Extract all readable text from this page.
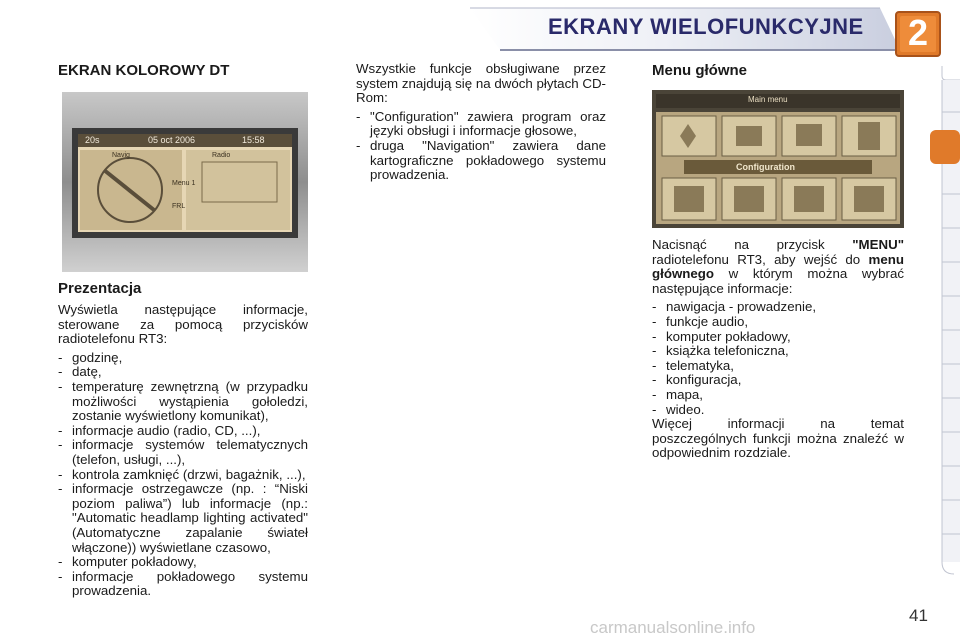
EKRANY WIELOFUNKCYJNE 2
EKRAN KOLOROWY DT
20s	05 oct 2006	15:58
Navig	Radio
Menu 1
FRL
Prezentacja

Wyświetla następujące informacje, sterowane za pomocą przycisków radiotelefonu RT3:

- godzinę,
- datę,
- temperaturę zewnętrzną (w przypadku możliwości wystąpienia gołoledzi, zostanie wyświetlony komunikat),
- informacje audio (radio, CD, ...),
- informacje systemów telematycznych (telefon, usługi, ...),
- kontrola zamknięć (drzwi, bagażnik, ...),
- informacje ostrzegawcze (np. : “Niski poziom paliwa”) lub informacje (np.: "Automatic headlamp lighting activated" (Automatyczne zapalanie świateł włączone)) wyświetlane czasowo,
- komputer pokładowy,
- informacje pokładowego systemu prowadzenia.

Wszystkie funkcje obsługiwane przez system znajdują się na dwóch płytach CD-Rom:

- "Configuration" zawiera program oraz języki obsługi i informacje głosowe,
- druga "Navigation" zawiera dane kartograficzne pokładowego systemu prowadzenia.
Menu główne
Main menu
Configuration

Nacisnąć na przycisk "MENU" radiotelefonu RT3, aby wejść do menu głównego w którym można wybrać następujące informacje:

- nawigacja - prowadzenie,
- funkcje audio,
- komputer pokładowy,
- książka telefoniczna,
- telematyka,
- konfiguracja,
- mapa,
- wideo.

Więcej informacji na temat poszczególnych funkcji można znaleźć w odpowiednim rozdziale.

carmanualsonline.info
41
